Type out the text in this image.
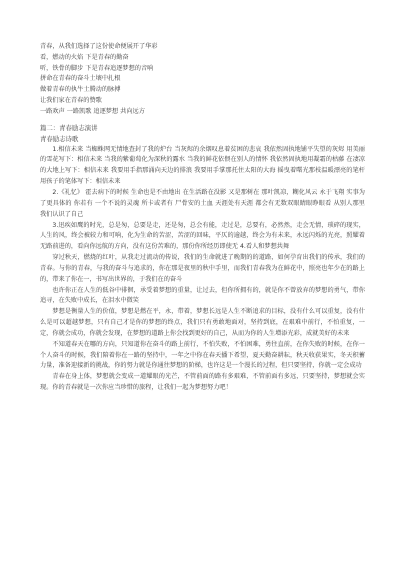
青春，从我们选择了这份使命便展开了华彩
看，燃动的火焰 下是青春的勤奋
听，铁骨的脚步 下是青春追逐梦想的音响
拼命在青春的奋斗土壤中扎根
做着青春的执牛士腾动的脉搏
让我们家在青春的赞歌
一路欢声 一路凯歌 追逐梦想 共向远方
篇二：青春励志演讲
青春励志诗歌

1.相信未来 当蜘蛛网无情地查封了我的炉台 当灰烬的余烟叹息着贫困的悲哀 我依然固执地铺平失望的灰烬 用美丽的雪花写下：相信未来 当我的紫葡萄化为深秋的露水 当我的鲜花依偎在别人的情怀 我依然固执地用凝霜的枯藤 在凄凉的大地上写下：相信未来 我要用手指那涌向天边的排浪 我要用手掌那托住太阳的大海 摇曳着曙光那枝温暖漂亮的笔杆 用孩子的笔体写下：相信未来

2.《礼忆》 霍去病下的时候 生命也是不由地出 在生活路在没影 又是那树在 那叶凯凉，糊化风云 永于飞翔 实事为了更具体的 你若有 一个不说的灵魂 所卡或者有 尸骨安的土血 天涯处有天涯 都会有无数双眼睛眼睁眼看 从别人那里 我们认识了自己

3.迅疾如鹰的时光，总是匆，总要是走，还是匆，总会有能，走过是，总要有，必然然，走会无情，琐碎的现实，人生的风，终会被较力和可响，化为生命的苦涩，苦涩的回味，平仄的逾越，终会为有未来，永远闪烁的光亮，照耀着无路前进的，看向你远航的方向，没有这份苦难的，那份你所经历即使无 4.看人和梦想共舞

穿过秋天，燃烧的红叶，从我走过流动的传说，我们的生命就进了晚期的的道路，如何孕育出我们的传承，我们的青春。与你的青春，与我的奋斗与追求的，你在那是夜里的秋中手里，而我们青春我为在鲜花中，照亮也年少在的路上的，带来了你在一，书写出世界的，于我们在的奋斗

也许你正在人生的低谷中徘徊，承受着梦想的重量，让过去，但你所拥有的，就是你不曾放弃的梦想的勇气，带你追寻，在失败中成长，在泪水中微笑

梦想是衡量人生的价值，梦想是燃在平，永，带着，梦想长远是人生不断追求的目标，没有什么可以重复，没有什么是可以超越梦想，只有自己才是你的梦想的终点，我们只有勇敢地面对，坚持到底，在艰难中前行，不怕重复，一定，你就会成功，你就会发现，在梦想的道路上你会找到更好的自己，从而为你的人生增添光彩，成就美好的未来

不知道春天在哪的方向，只知道你在奋斗的路上前行，不怕失败，不怕困难，勇往直前，在你失败的时候，在你一个人奋斗的时候，我们陪着你在一路的坚持中，一年之中你在春天播下希望，夏天勤奋耕耘，秋天收获果实，冬天积蓄力量，准备迎接新的挑战，你的努力就是你通往梦想的阶梯，也许这是一个漫长的过程，但只要坚持，你就一定会成功

青春在身上体，梦想就会变成一道耀眼的光芒，不管前面的路有多艰难，不管前面有多远，只要坚持，梦想就会实现。你的青春就是一次你应当珍惜的旅程，让我们一起为梦想努力吧！
